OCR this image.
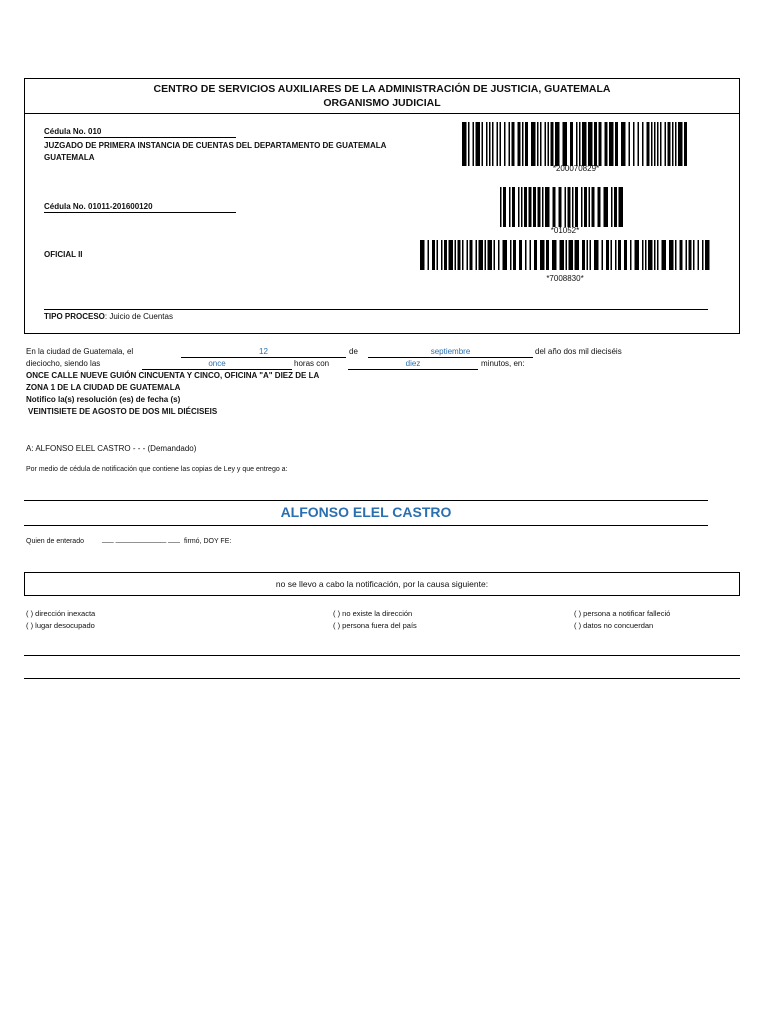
CENTRO DE SERVICIOS AUXILIARES DE LA ADMINISTRACIÓN DE JUSTICIA, GUATEMALA
ORGANISMO JUDICIAL
Cédula No. 010
JUZGADO DE PRIMERA INSTANCIA DE CUENTAS DEL DEPARTAMENTO DE GUATEMALA
GUATEMALA
*200070829*
Cédula No. 01011-201600120
*01052*
OFICIAL II
*7008830*
TIPO PROCESO: Juicio de Cuentas
En la ciudad de Guatemala, el	12	de	septiembre	del año dos mil dieciséis
dieciocho, siendo las	once	horas con	diez	minutos, en:
ONCE CALLE NUEVE GUIÓN CINCUENTA Y CINCO, OFICINA "A" DIEZ DE LA
ZONA 1 DE LA CIUDAD DE GUATEMALA
Notifico la(s) resolución (es) de fecha (s)
VEINTISIETE DE AGOSTO DE DOS MIL DIÉCISEIS
A: ALFONSO ELEL CASTRO - - - (Demandado)
Por medio de cédula de notificación que contiene las copias de Ley y que entrego a:
ALFONSO ELEL CASTRO
Quien de enterado	___ _____________ ___ firmó, DOY FE:
no se llevo a cabo la notificación, por la causa siguiente:
( ) dirección inexacta
( ) lugar desocupado
( ) no existe la dirección
( ) persona fuera del país
( ) persona a notificar falleció
( ) datos no concuerdan
